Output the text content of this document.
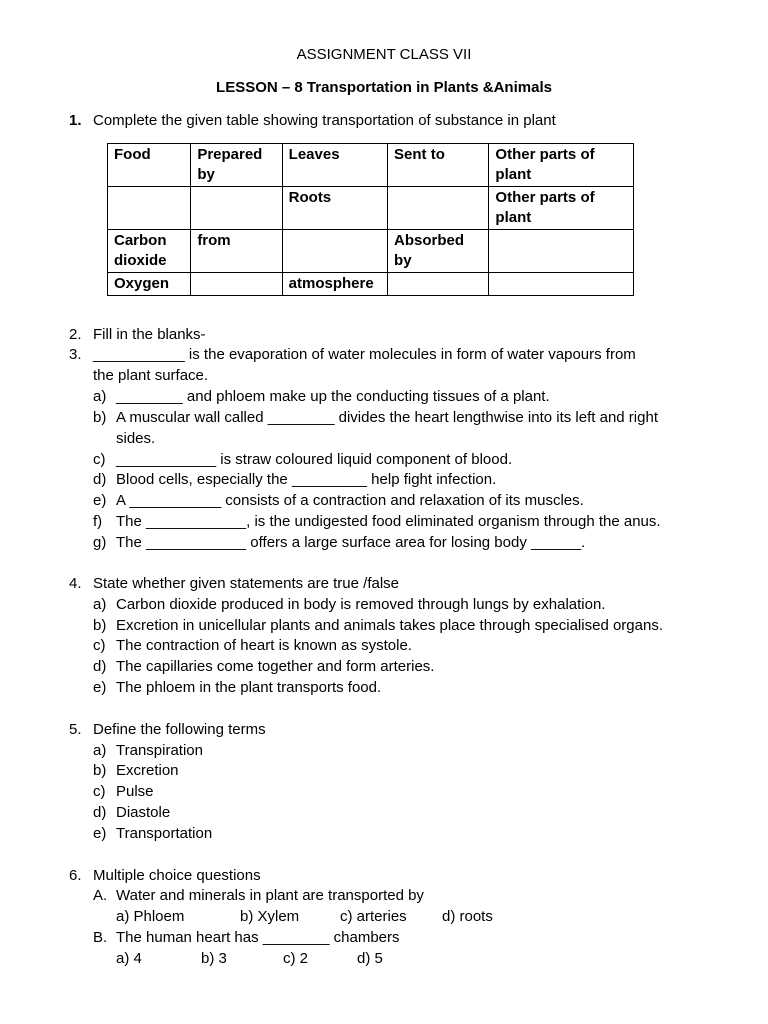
ASSIGNMENT CLASS VII
LESSON – 8 Transportation in Plants &Animals
1. Complete the given table showing transportation of substance in plant
Food	Prepared by	Leaves	Sent to	Other parts of plant
		Roots		Other parts of plant
Carbon dioxide	from		Absorbed by	
Oxygen		atmosphere		
2. Fill in the blanks-
3. ___________ is the evaporation of water molecules in form of water vapours from
the plant surface.
a) ________ and phloem make up the conducting tissues of a plant.
b) A muscular wall called ________ divides the heart lengthwise into its left and right
sides.
c) ____________ is straw coloured liquid component of blood.
d) Blood cells, especially the _________ help fight infection.
e) A ___________ consists of a contraction and relaxation of its muscles.
f) The ____________, is the undigested food eliminated organism through the anus.
g) The ____________ offers a large surface area for losing body ______.
4. State whether given statements are true /false
a) Carbon dioxide produced in body is removed through lungs by exhalation.
b) Excretion in unicellular plants and animals takes place through specialised organs.
c) The contraction of heart is known as systole.
d) The capillaries come together and form arteries.
e) The phloem in the plant transports food.
5. Define the following terms
a) Transpiration
b) Excretion
c) Pulse
d) Diastole
e) Transportation
6. Multiple choice questions
A. Water and minerals in plant are transported by
a) Phloem	b) Xylem	c) arteries d) roots
B. The human heart has ________ chambers
a) 4	b) 3	c) 2	d) 5
